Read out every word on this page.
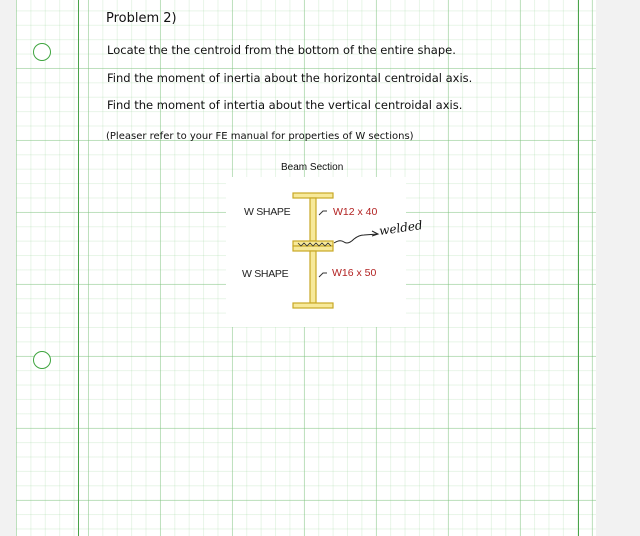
Problem 2)
Locate the the centroid from the bottom of the entire shape.
Find the moment of inertia about the horizontal centroidal axis.
Find the moment of intertia about the vertical centroidal axis.
(Pleaser refer to your FE manual for properties of W sections)
Beam Section
W SHAPE	W12 x 40
welded
W SHAPE	W16 x 50
